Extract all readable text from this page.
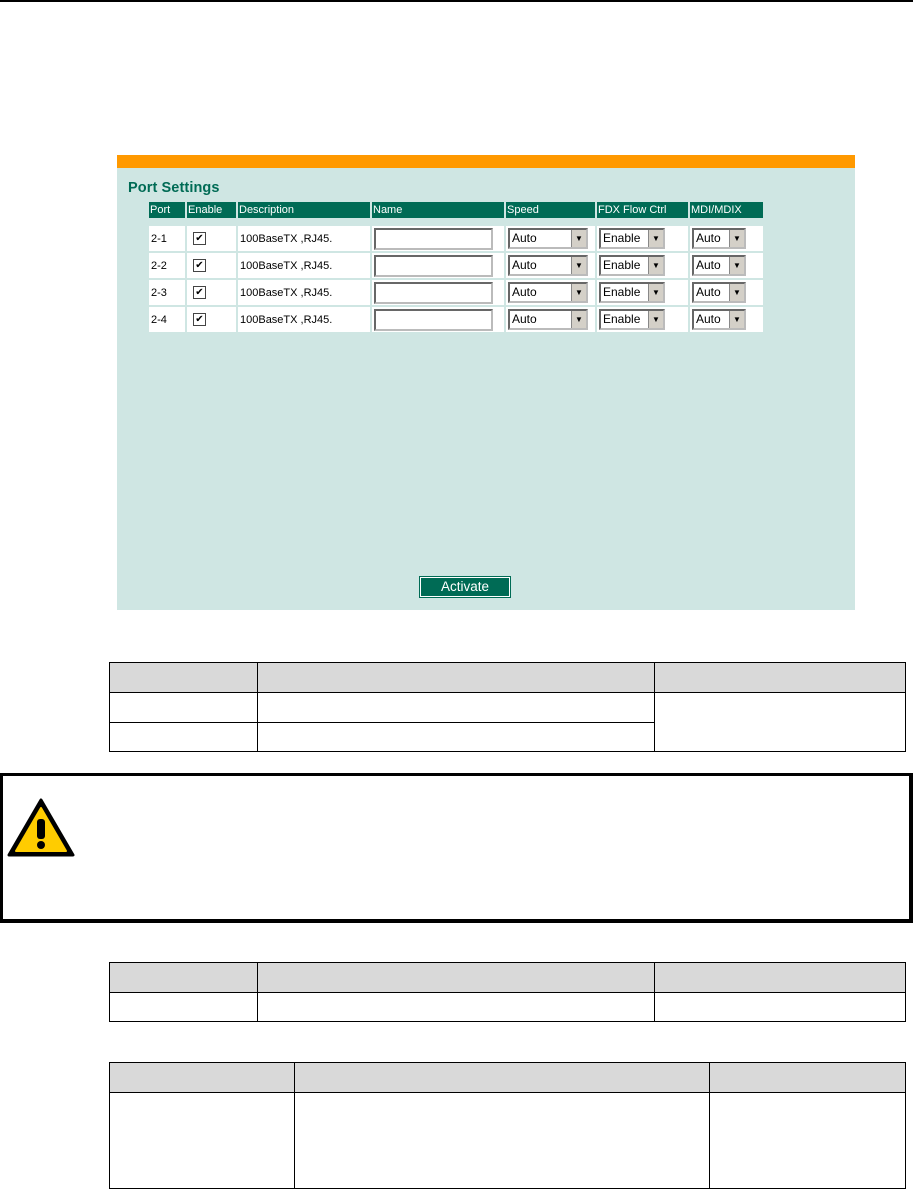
Port Settings
Port	Enable	Description	Name	Speed	FDX Flow Ctrl	MDI/MDIX

2-1	✔	100BaseTX ,RJ45.		Auto ▼	Enable ▼	Auto ▼

2-2	✔	100BaseTX ,RJ45.		Auto ▼	Enable ▼	Auto ▼

2-3	✔	100BaseTX ,RJ45.		Auto ▼	Enable ▼	Auto ▼

2-4	✔	100BaseTX ,RJ45.		Auto ▼	Enable ▼	Auto ▼
Activate
